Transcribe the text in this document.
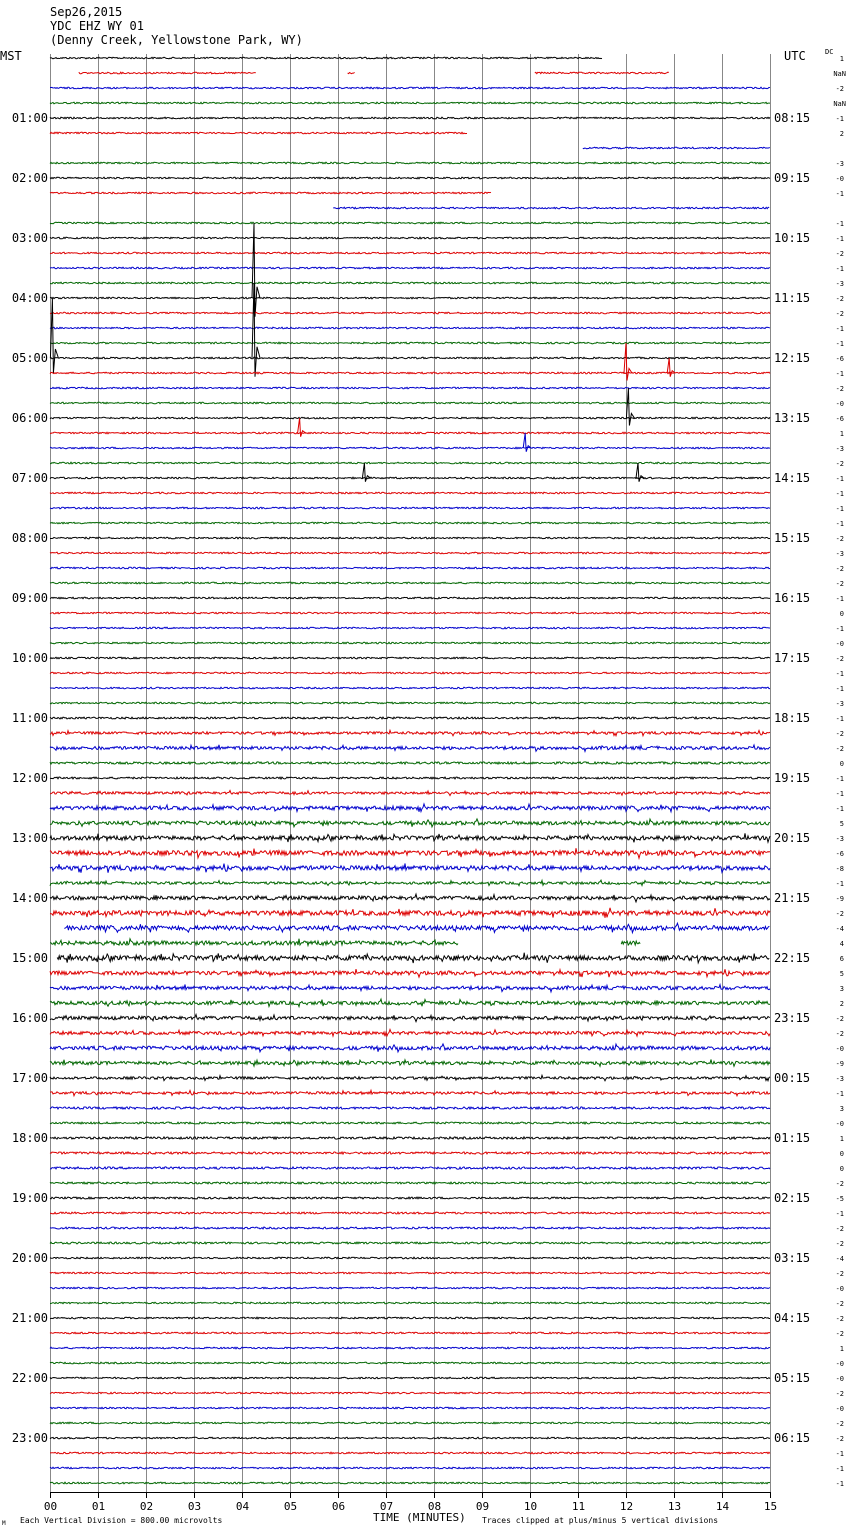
Sep26,2015
YDC EHZ WY 01
(Denny Creek, Yellowstone Park, WY)
MST	UTC	DC
00	01	02	03	04	05	06	07	08	09	10	11	12	13	14	15
1
NaN
-2
NaN
-1
2
-3
-0
-1
-1
-1
-2
-1
-3
-2
-2
-1
-1
-6
-1
-2
-0
-6
1
-3
-2
-1
-1
-1
-1
-2
-3
-2
-2
-1
0
-1
-0
-2
-1
-1
-3
-1
-2
-2
0
-1
-1
-1
5
-3
-6
-8
-1
-9
-2
-4
4
6
5
3
2
-2
-2
-0
-9
-3
-1
3
-0
1
0
0
-2
-5
-1
-2
-2
-4
-2
-0
-2
-2
-2
1
-0
-0
-2
-0
-2
-2
-1
-1
-1
01:00
02:00
03:00
04:00
05:00
06:00
07:00
08:00
09:00
10:00
11:00
12:00
13:00
14:00
15:00
16:00
17:00
18:00
19:00
20:00
21:00
22:00
23:00
08:15
09:15
10:15
11:15
12:15
13:15
14:15
15:15
16:15
17:15
18:15
19:15
20:15
21:15
22:15
23:15
00:15
01:15
02:15
03:15
04:15
05:15
06:15
TIME (MINUTES)
Each Vertical Division = 800.00 microvolts	Traces clipped at plus/minus 5 vertical divisions
M
